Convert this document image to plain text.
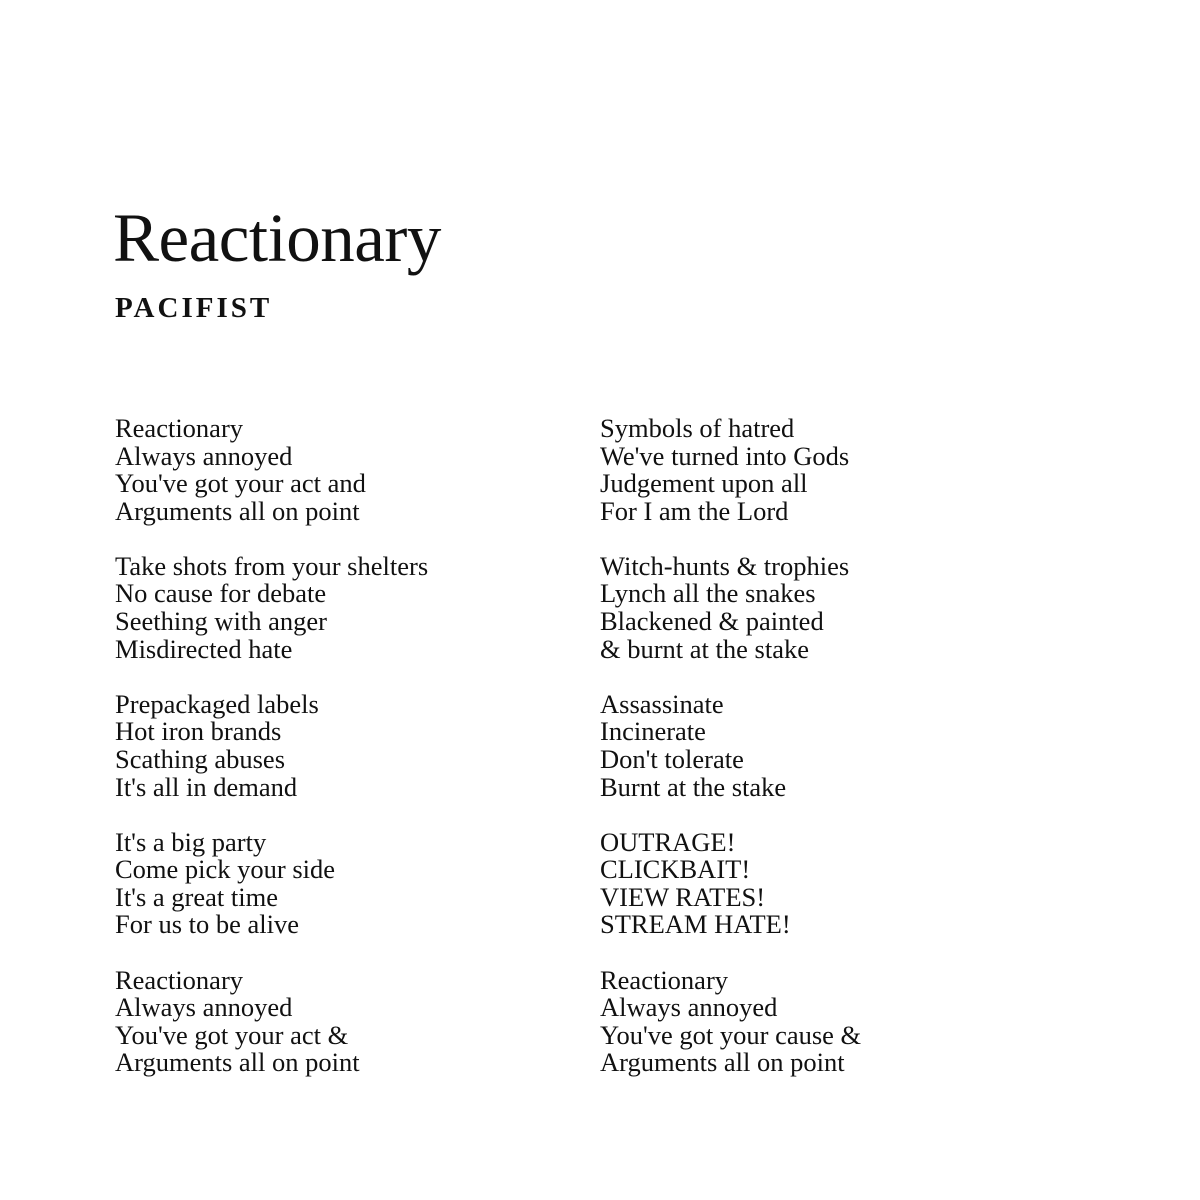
Reactionary
PACIFIST
Reactionary
Always annoyed
You've got your act and
Arguments all on point
Take shots from your shelters
No cause for debate
Seething with anger
Misdirected hate
Prepackaged labels
Hot iron brands
Scathing abuses
It's all in demand
It's a big party
Come pick your side
It's a great time
For us to be alive
Reactionary
Always annoyed
You've got your act &
Arguments all on point
Symbols of hatred
We've turned into Gods
Judgement upon all
For I am the Lord
Witch-hunts & trophies
Lynch all the snakes
Blackened & painted
& burnt at the stake
Assassinate
Incinerate
Don't tolerate
Burnt at the stake
OUTRAGE!
CLICKBAIT!
VIEW RATES!
STREAM HATE!
Reactionary
Always annoyed
You've got your cause &
Arguments all on point
